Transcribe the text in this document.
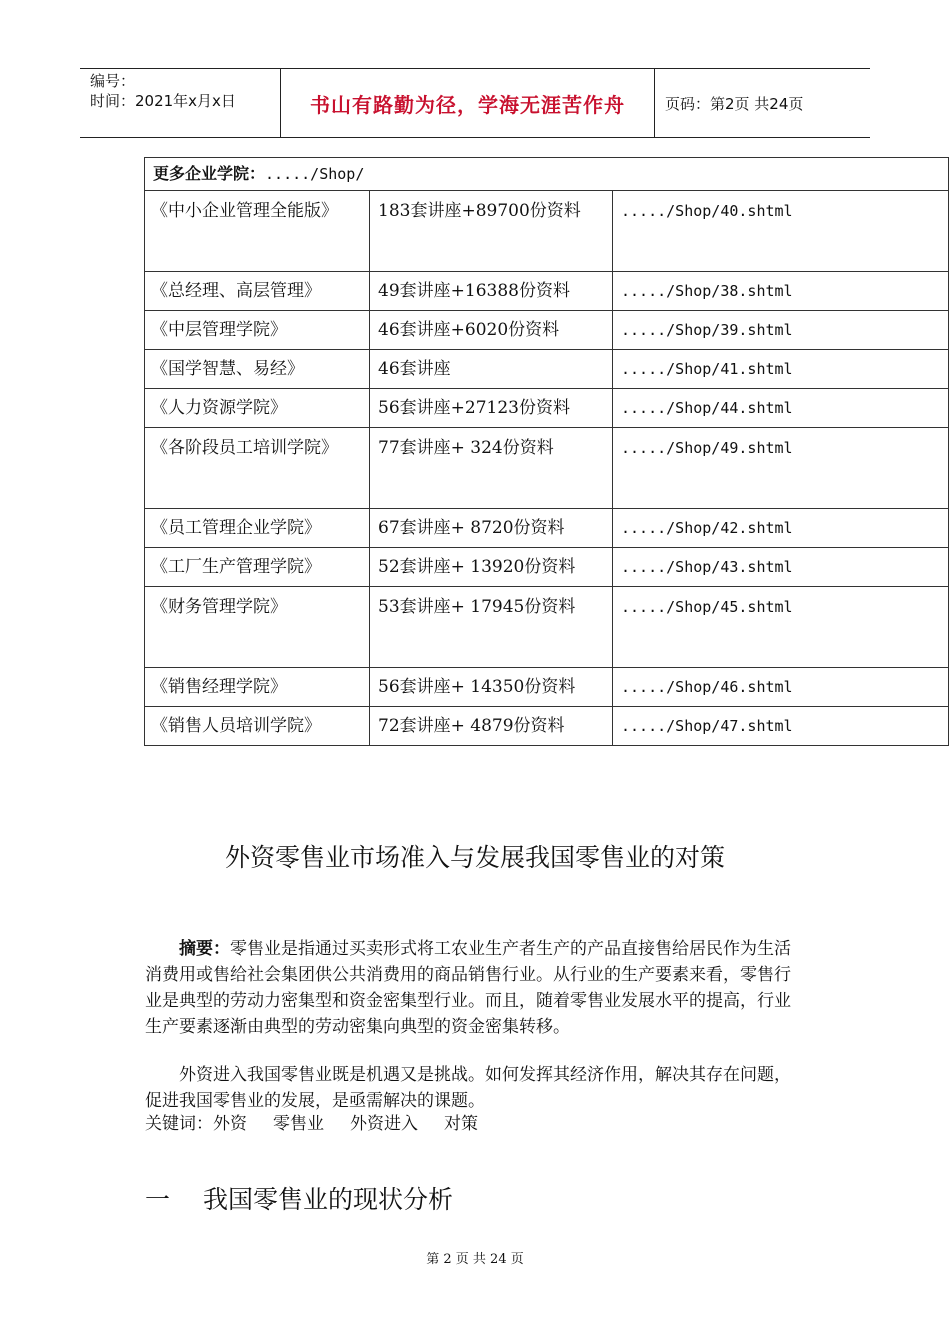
编号：
时间：2021年x月x日	书山有路勤为径，学海无涯苦作舟	页码：第2页 共24页
更多企业学院：...../Shop/		
《中小企业管理全能版》	183套讲座+89700份资料	...../Shop/40.shtml
《总经理、高层管理》	49套讲座+16388份资料	...../Shop/38.shtml
《中层管理学院》	46套讲座+6020份资料	...../Shop/39.shtml
《国学智慧、易经》	46套讲座	...../Shop/41.shtml
《人力资源学院》	56套讲座+27123份资料	...../Shop/44.shtml
《各阶段员工培训学院》	77套讲座+ 324份资料	...../Shop/49.shtml
《员工管理企业学院》	67套讲座+ 8720份资料	...../Shop/42.shtml
《工厂生产管理学院》	52套讲座+ 13920份资料	...../Shop/43.shtml
《财务管理学院》	53套讲座+ 17945份资料	...../Shop/45.shtml
《销售经理学院》	56套讲座+ 14350份资料	...../Shop/46.shtml
《销售人员培训学院》	72套讲座+ 4879份资料	...../Shop/47.shtml
外资零售业市场准入与发展我国零售业的对策
摘要：零售业是指通过买卖形式将工农业生产者生产的产品直接售给居民作为生活消费用或售给社会集团供公共消费用的商品销售行业。从行业的生产要素来看，零售行业是典型的劳动力密集型和资金密集型行业。而且，随着零售业发展水平的提高，行业生产要素逐渐由典型的劳动密集向典型的资金密集转移。
外资进入我国零售业既是机遇又是挑战。如何发挥其经济作用，解决其存在问题，促进我国零售业的发展，是亟需解决的课题。
关键词：外资 零售业 外资进入 对策
一 我国零售业的现状分析
第 2 页 共 24 页
